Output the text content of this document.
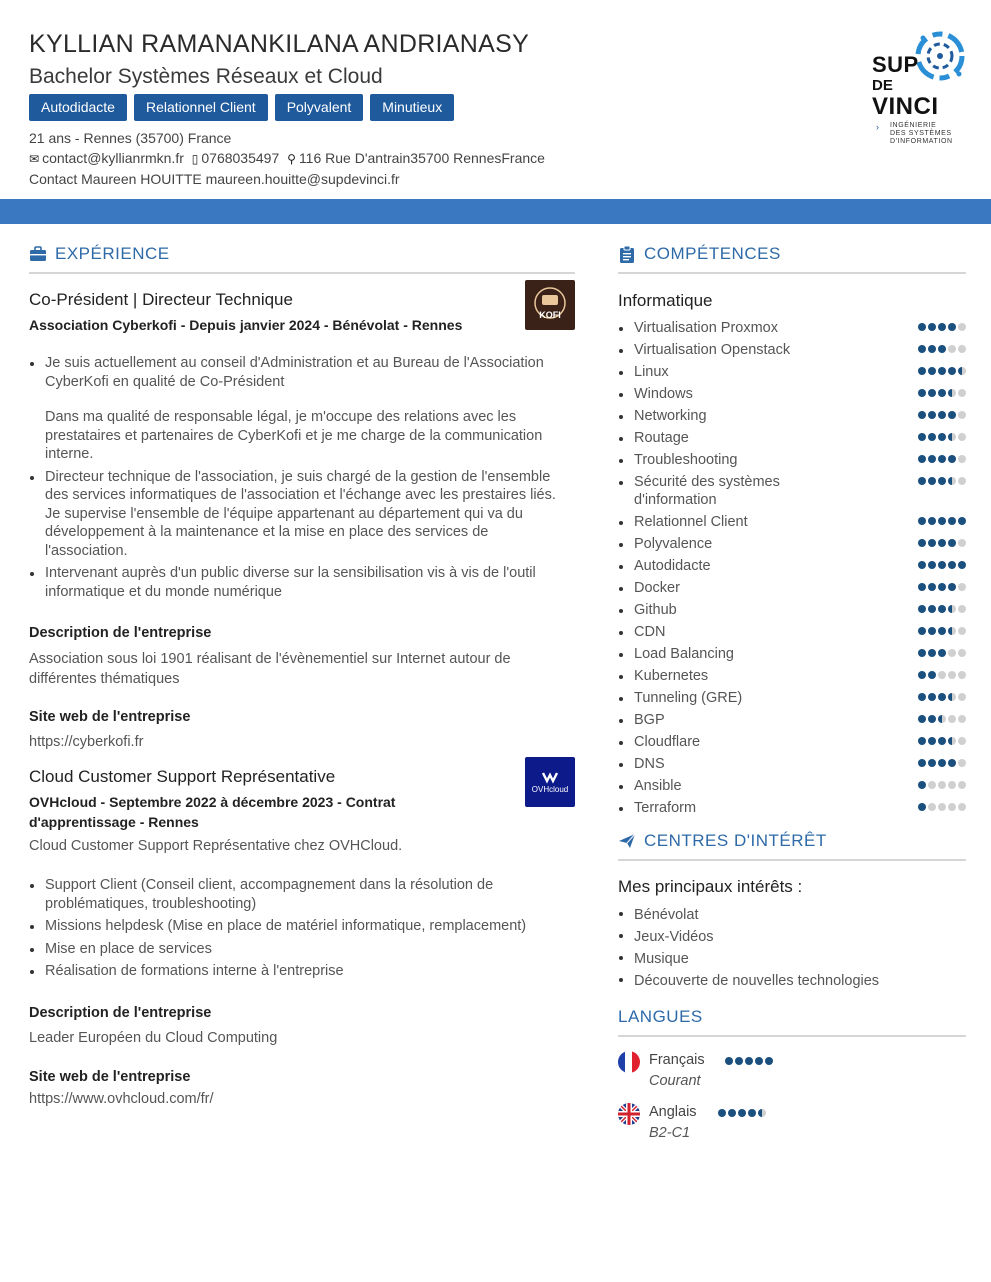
KYLLIAN RAMANANKILANA ANDRIANASY
Bachelor Systèmes Réseaux et Cloud
Autodidacte	Relationnel Client	Polyvalent	Minutieux
21 ans - Rennes (35700) France
✉ contact@kyllianrmkn.fr ▯ 0768035497 ⚲ 116 Rue D'antrain35700 RennesFrance
Contact Maureen HOUITTE maureen.houitte@supdevinci.fr
SUP
DE
VINCI
› INGÉNIERIE
DES SYSTÈMES
D'INFORMATION
EXPÉRIENCE
Co-Président | Directeur Technique
Association Cyberkofi - Depuis janvier 2024 - Bénévolat - Rennes
KOFI
Je suis actuellement au conseil d'Administration et au Bureau de l'Association CyberKofi en qualité de Co-Président
Dans ma qualité de responsable légal, je m'occupe des relations avec les prestataires et partenaires de CyberKofi et je me charge de la communication interne.
Directeur technique de l'association, je suis chargé de la gestion de l'ensemble des services informatiques de l'association et l'échange avec les prestaires liés.
Je supervise l'ensemble de l'équipe appartenant au département qui va du développement à la maintenance et la mise en place des services de l'association.
Intervenant auprès d'un public diverse sur la sensibilisation vis à vis de l'outil informatique et du monde numérique
Description de l'entreprise
Association sous loi 1901 réalisant de l'évènementiel sur Internet autour de différentes thématiques
Site web de l'entreprise
https://cyberkofi.fr
Cloud Customer Support Représentative
OVHcloud - Septembre 2022 à décembre 2023 - Contrat d'apprentissage - Rennes
OVHcloud
Cloud Customer Support Représentative chez OVHCloud.
Support Client (Conseil client, accompagnement dans la résolution de problématiques, troubleshooting)
Missions helpdesk (Mise en place de matériel informatique, remplacement)
Mise en place de services
Réalisation de formations interne à l'entreprise
Description de l'entreprise
Leader Européen du Cloud Computing
Site web de l'entreprise
https://www.ovhcloud.com/fr/
COMPÉTENCES
Informatique
Virtualisation Proxmox
Virtualisation Openstack
Linux
Windows
Networking
Routage
Troubleshooting
Sécurité des systèmes d'information
Relationnel Client
Polyvalence
Autodidacte
Docker
Github
CDN
Load Balancing
Kubernetes
Tunneling (GRE)
BGP
Cloudflare
DNS
Ansible
Terraform
CENTRES D'INTÉRÊT
Mes principaux intérêts :
Bénévolat
Jeux-Vidéos
Musique
Découverte de nouvelles technologies
LANGUES
Français
Courant
Anglais
B2-C1
